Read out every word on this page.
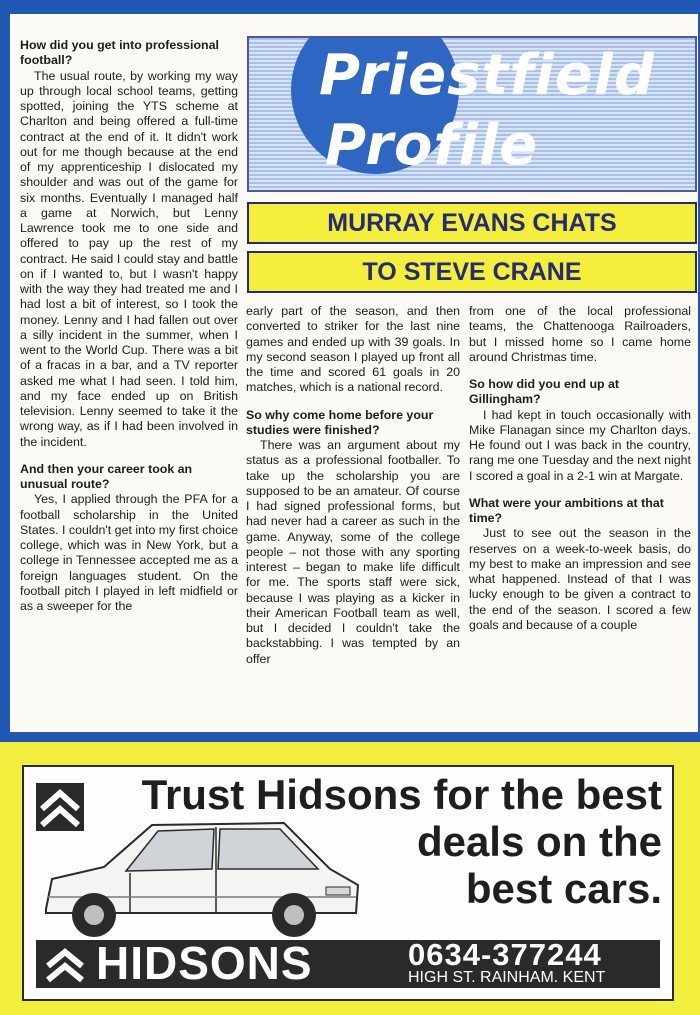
How did you get into professional football?

The usual route, by working my way up through local school teams, getting spotted, joining the YTS scheme at Charlton and being offered a full-time contract at the end of it. It didn't work out for me though because at the end of my apprenticeship I dislocated my shoulder and was out of the game for six months. Eventually I managed half a game at Norwich, but Lenny Lawrence took me to one side and offered to pay up the rest of my contract. He said I could stay and battle on if I wanted to, but I wasn't happy with the way they had treated me and I had lost a bit of interest, so I took the money. Lenny and I had fallen out over a silly incident in the summer, when I went to the World Cup. There was a bit of a fracas in a bar, and a TV reporter asked me what I had seen. I told him, and my face ended up on British television. Lenny seemed to take it the wrong way, as if I had been involved in the incident.

And then your career took an unusual route?

Yes, I applied through the PFA for a football scholarship in the United States. I couldn't get into my first choice college, which was in New York, but a college in Tennessee accepted me as a foreign languages student. On the football pitch I played in left midfield or as a sweeper for the

Priestfield
Profile
MURRAY EVANS CHATS
TO STEVE CRANE

early part of the season, and then converted to striker for the last nine games and ended up with 39 goals. In my second season I played up front all the time and scored 61 goals in 20 matches, which is a national record.

So why come home before your studies were finished?

There was an argument about my status as a professional footballer. To take up the scholarship you are supposed to be an amateur. Of course I had signed professional forms, but had never had a career as such in the game. Anyway, some of the college people – not those with any sporting interest – began to make life difficult for me. The sports staff were sick, because I was playing as a kicker in their American Football team as well, but I decided I couldn't take the backstabbing. I was tempted by an offer

from one of the local professional teams, the Chattenooga Railroaders, but I missed home so I came home around Christmas time.

So how did you end up at Gillingham?

I had kept in touch occasionally with Mike Flanagan since my Charlton days. He found out I was back in the country, rang me one Tuesday and the next night I scored a goal in a 2-1 win at Margate.

What were your ambitions at that time?

Just to see out the season in the reserves on a week-to-week basis, do my best to make an impression and see what happened. Instead of that I was lucky enough to be given a contract to the end of the season. I scored a few goals and because of a couple

Trust Hidsons for the best
deals on the
best cars.
HIDSONS	0634-377244
HIGH ST. RAINHAM. KENT
